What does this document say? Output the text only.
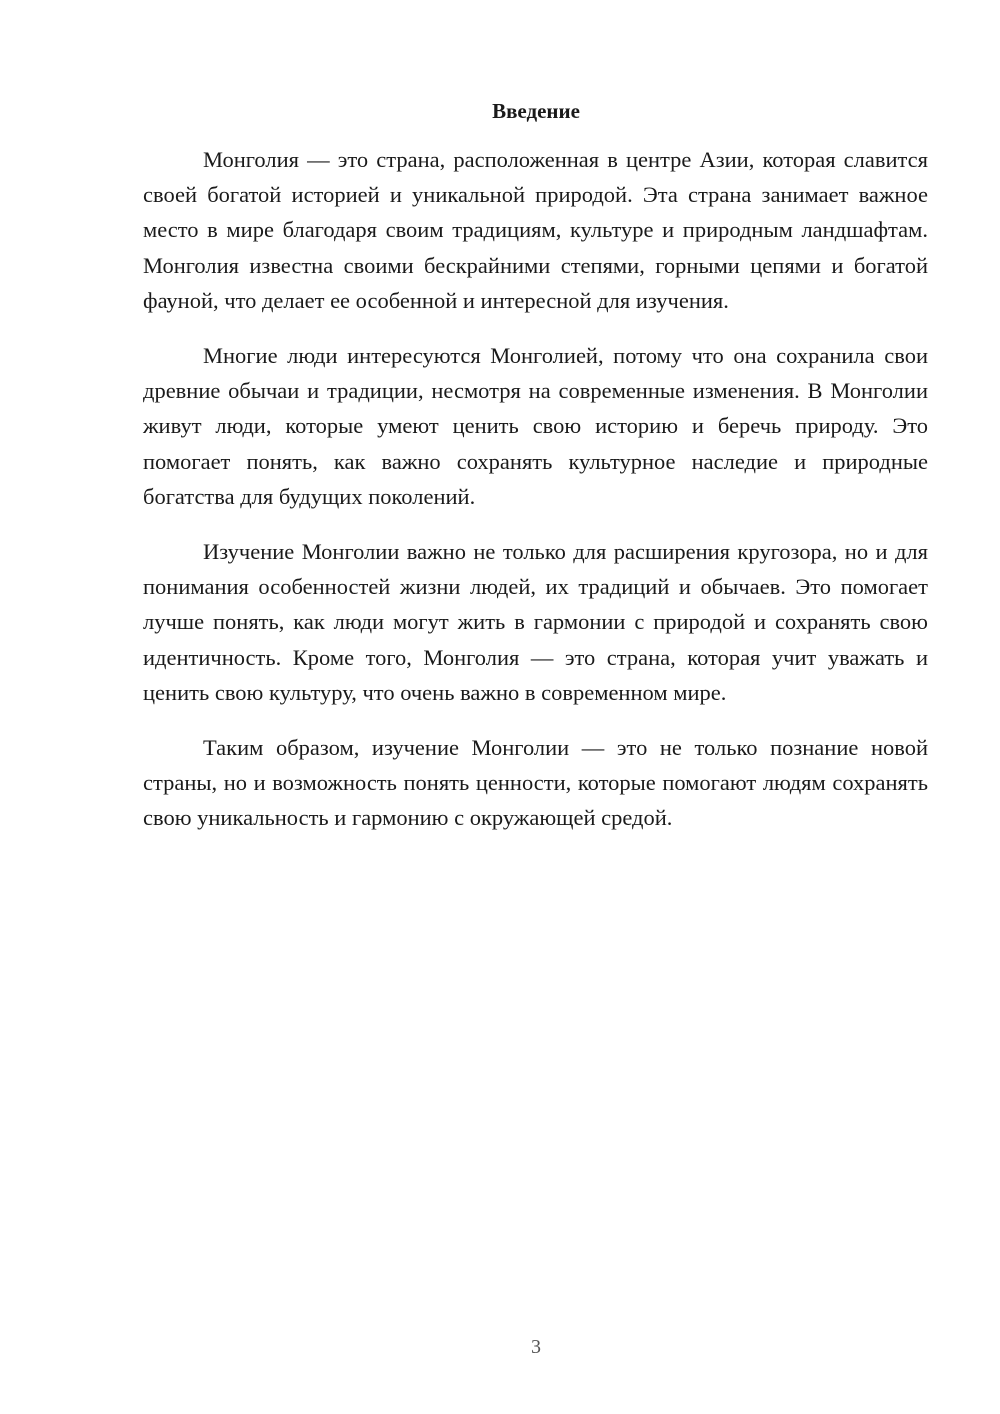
Введение

Монголия — это страна, расположенная в центре Азии, которая славится своей богатой историей и уникальной природой. Эта страна занимает важное место в мире благодаря своим традициям, культуре и природным ландшафтам. Монголия известна своими бескрайними степями, горными цепями и богатой фауной, что делает ее особенной и интересной для изучения.

Многие люди интересуются Монголией, потому что она сохранила свои древние обычаи и традиции, несмотря на современные изменения. В Монголии живут люди, которые умеют ценить свою историю и беречь природу. Это помогает понять, как важно сохранять культурное наследие и природные богатства для будущих поколений.

Изучение Монголии важно не только для расширения кругозора, но и для понимания особенностей жизни людей, их традиций и обычаев. Это помогает лучше понять, как люди могут жить в гармонии с природой и сохранять свою идентичность. Кроме того, Монголия — это страна, которая учит уважать и ценить свою культуру, что очень важно в современном мире.

Таким образом, изучение Монголии — это не только познание новой страны, но и возможность понять ценности, которые помогают людям сохранять свою уникальность и гармонию с окружающей средой.

3
